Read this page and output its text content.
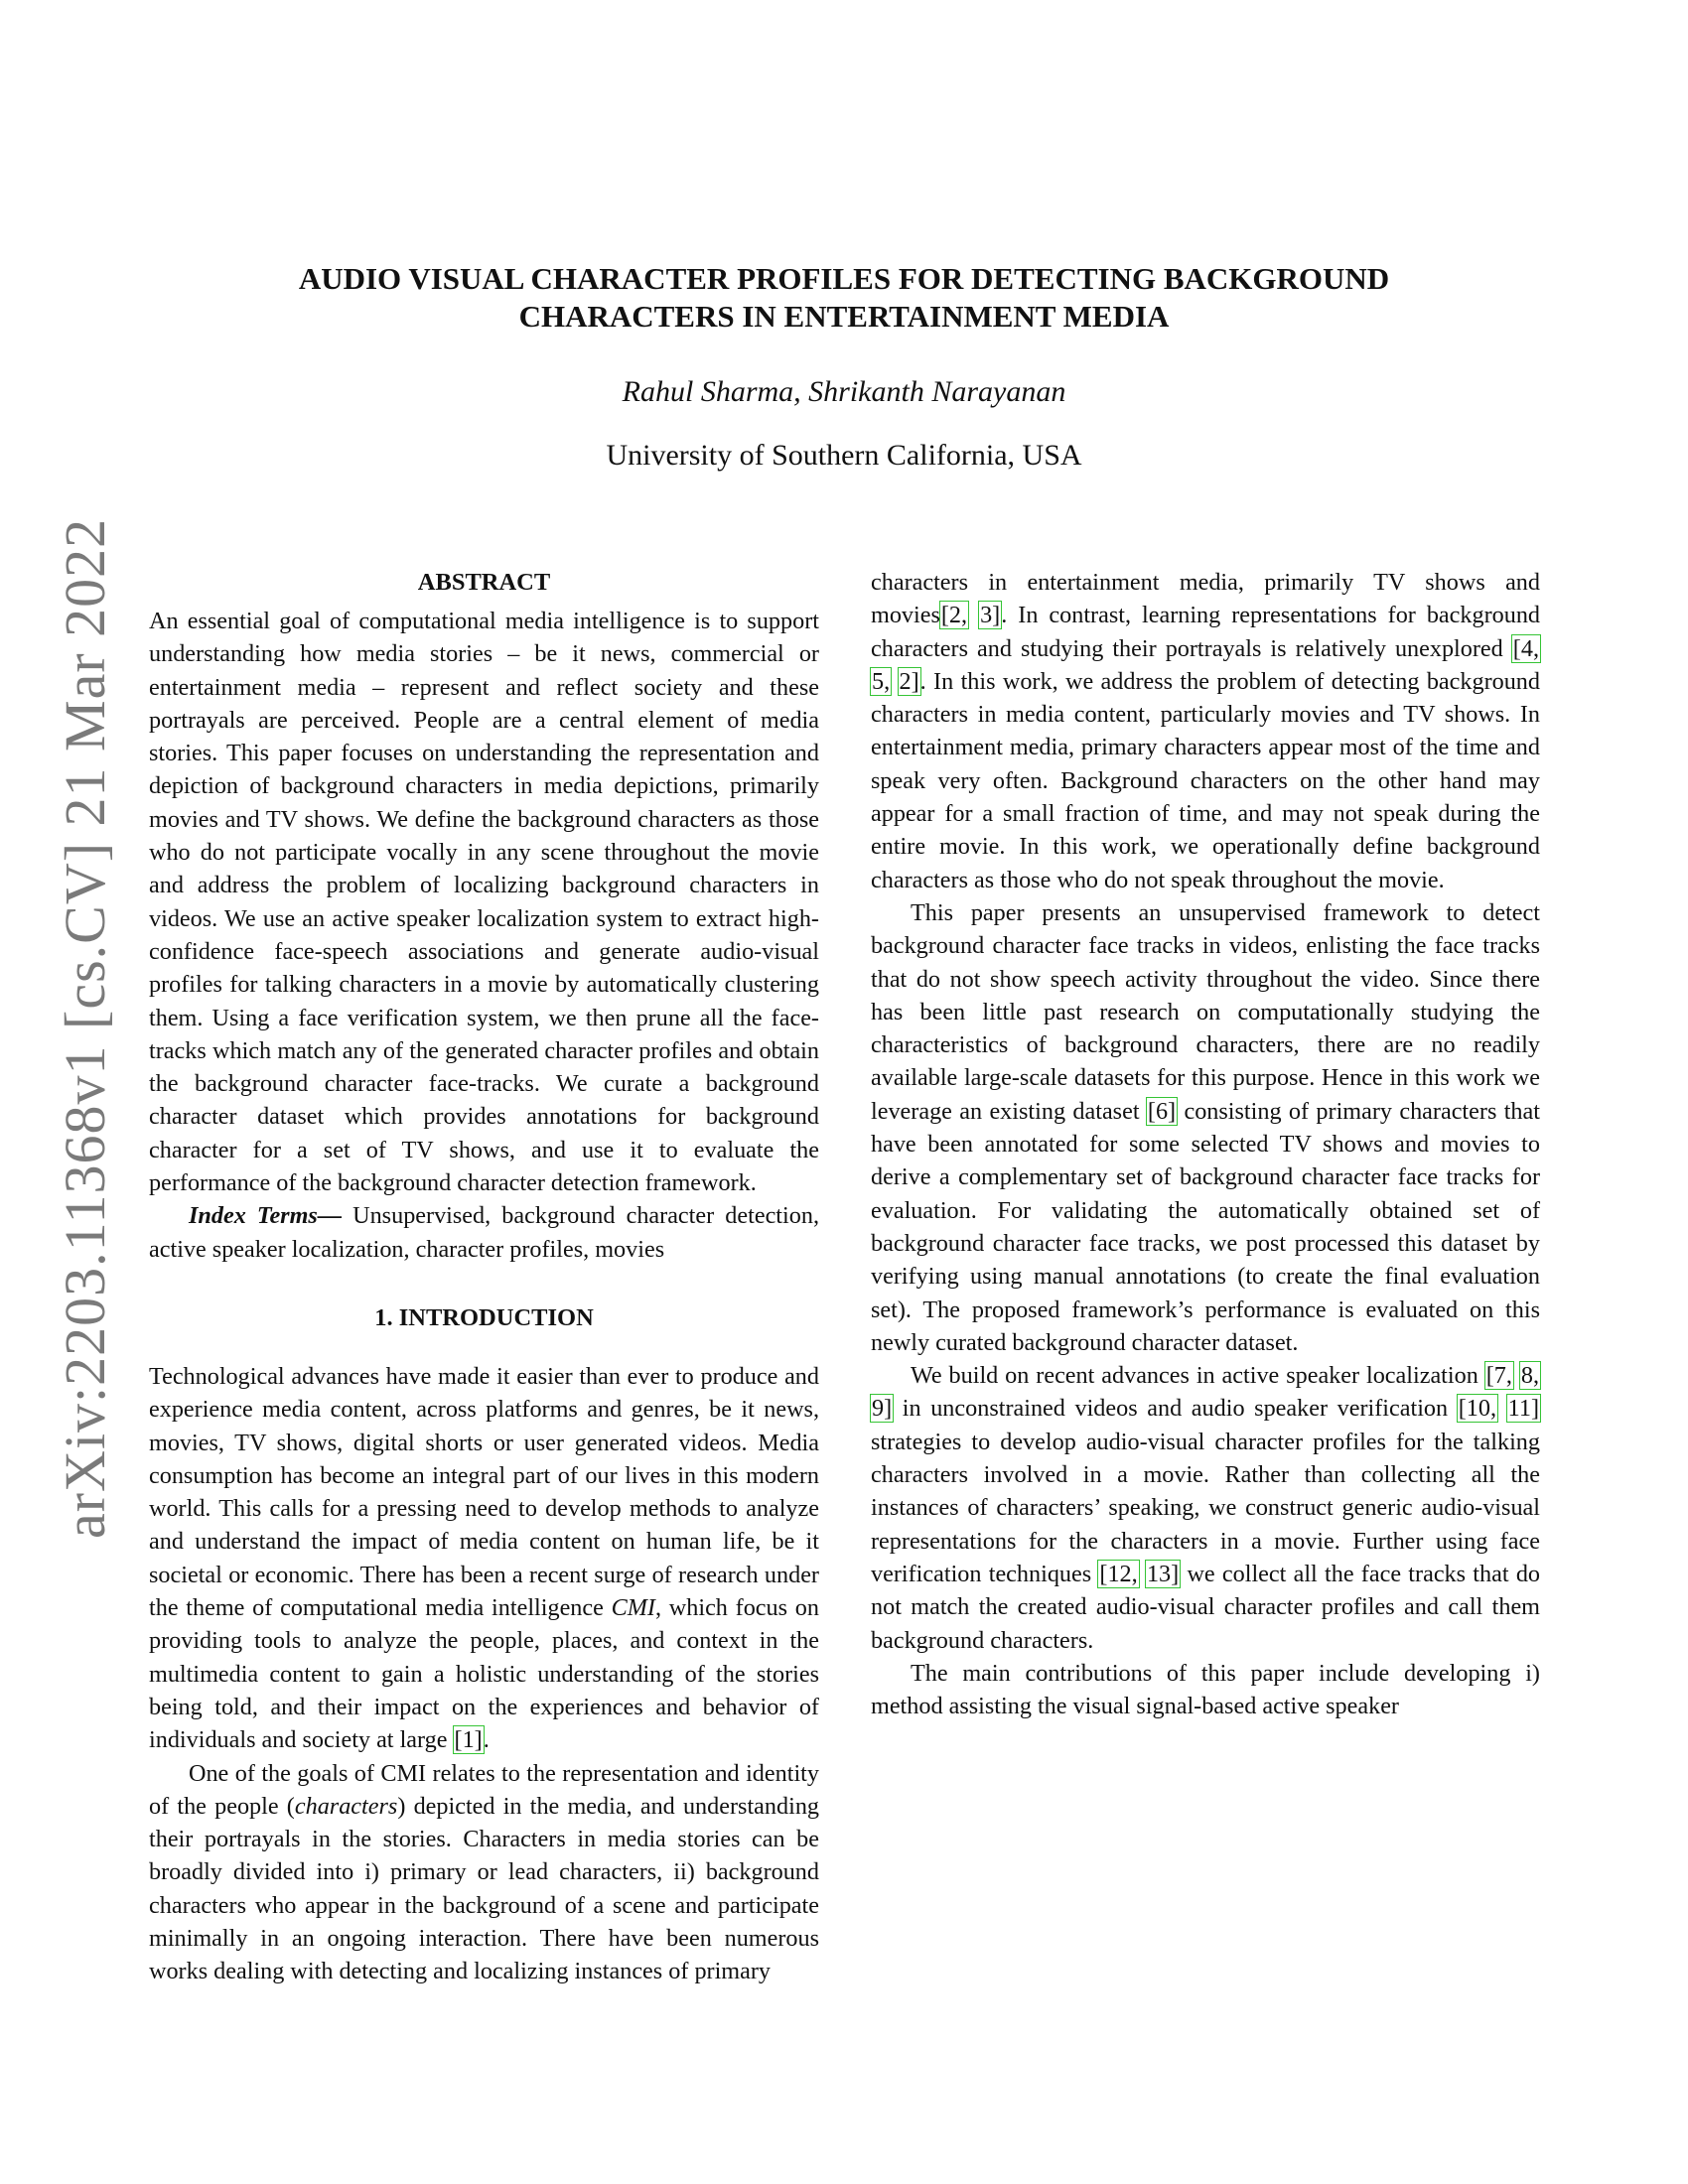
arXiv:2203.11368v1 [cs.CV] 21 Mar 2022
AUDIO VISUAL CHARACTER PROFILES FOR DETECTING BACKGROUND
CHARACTERS IN ENTERTAINMENT MEDIA
Rahul Sharma, Shrikanth Narayanan
University of Southern California, USA
ABSTRACT

An essential goal of computational media intelligence is to support understanding how media stories – be it news, commercial or entertainment media – represent and reflect society and these portrayals are perceived. People are a central element of media stories. This paper focuses on understanding the representation and depiction of background characters in media depictions, primarily movies and TV shows. We define the background characters as those who do not participate vocally in any scene throughout the movie and address the problem of localizing background characters in videos. We use an active speaker localization system to extract high-confidence face-speech associations and generate audio-visual profiles for talking characters in a movie by automatically clustering them. Using a face verification system, we then prune all the face-tracks which match any of the generated character profiles and obtain the background character face-tracks. We curate a background character dataset which provides annotations for background character for a set of TV shows, and use it to evaluate the performance of the background character detection framework.

Index Terms— Unsupervised, background character detection, active speaker localization, character profiles, movies

1. INTRODUCTION

Technological advances have made it easier than ever to produce and experience media content, across platforms and genres, be it news, movies, TV shows, digital shorts or user generated videos. Media consumption has become an integral part of our lives in this modern world. This calls for a pressing need to develop methods to analyze and understand the impact of media content on human life, be it societal or economic. There has been a recent surge of research under the theme of computational media intelligence CMI, which focus on providing tools to analyze the people, places, and context in the multimedia content to gain a holistic understanding of the stories being told, and their impact on the experiences and behavior of individuals and society at large [1].

One of the goals of CMI relates to the representation and identity of the people (characters) depicted in the media, and understanding their portrayals in the stories. Characters in media stories can be broadly divided into i) primary or lead characters, ii) background characters who appear in the background of a scene and participate minimally in an ongoing interaction. There have been numerous works dealing with detecting and localizing instances of primary

characters in entertainment media, primarily TV shows and movies[2, 3]. In contrast, learning representations for background characters and studying their portrayals is relatively unexplored [4, 5, 2]. In this work, we address the problem of detecting background characters in media content, particularly movies and TV shows. In entertainment media, primary characters appear most of the time and speak very often. Background characters on the other hand may appear for a small fraction of time, and may not speak during the entire movie. In this work, we operationally define background characters as those who do not speak throughout the movie.

This paper presents an unsupervised framework to detect background character face tracks in videos, enlisting the face tracks that do not show speech activity throughout the video. Since there has been little past research on computationally studying the characteristics of background characters, there are no readily available large-scale datasets for this purpose. Hence in this work we leverage an existing dataset [6] consisting of primary characters that have been annotated for some selected TV shows and movies to derive a complementary set of background character face tracks for evaluation. For validating the automatically obtained set of background character face tracks, we post processed this dataset by verifying using manual annotations (to create the final evaluation set). The proposed framework’s performance is evaluated on this newly curated background character dataset.

We build on recent advances in active speaker localization [7, 8, 9] in unconstrained videos and audio speaker verification [10, 11] strategies to develop audio-visual character profiles for the talking characters involved in a movie. Rather than collecting all the instances of characters’ speaking, we construct generic audio-visual representations for the characters in a movie. Further using face verification techniques [12, 13] we collect all the face tracks that do not match the created audio-visual character profiles and call them background characters.

The main contributions of this paper include developing i) method assisting the visual signal-based active speaker
